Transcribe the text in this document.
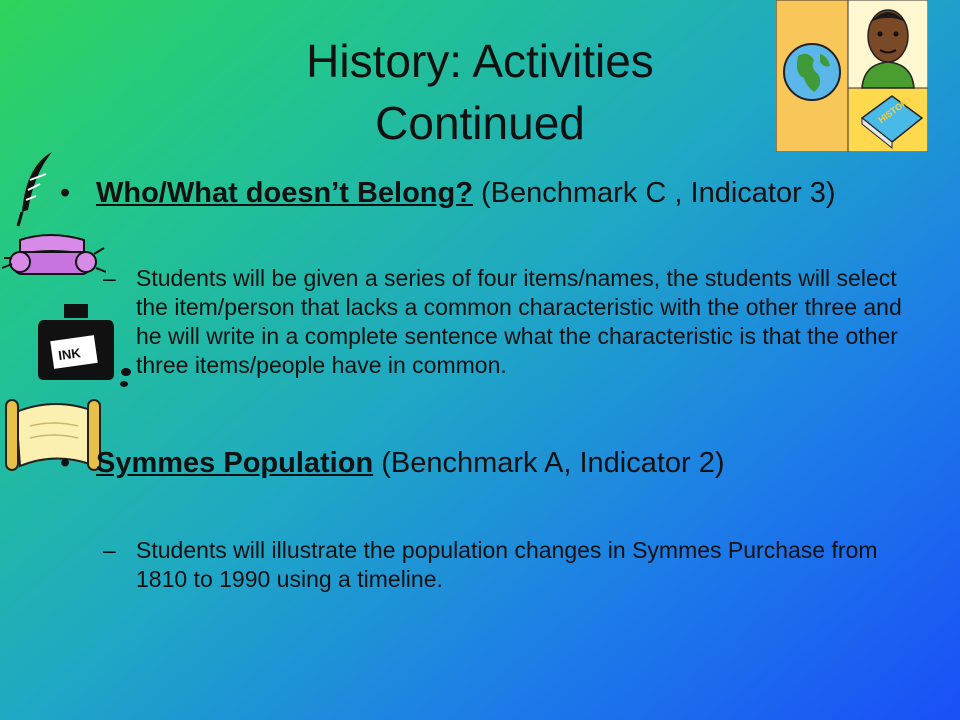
History: Activities
Continued	HISTORY
INK
• Who/What doesn’t Belong? (Benchmark C , Indicator 3)
– Students will be given a series of four items/names, the students will select the item/person that lacks a common characteristic with the other three and he will write in a complete sentence what the characteristic is that the other three items/people have in common.
• Symmes Population (Benchmark A, Indicator 2)
– Students will illustrate the population changes in Symmes Purchase from 1810 to 1990 using a timeline.
